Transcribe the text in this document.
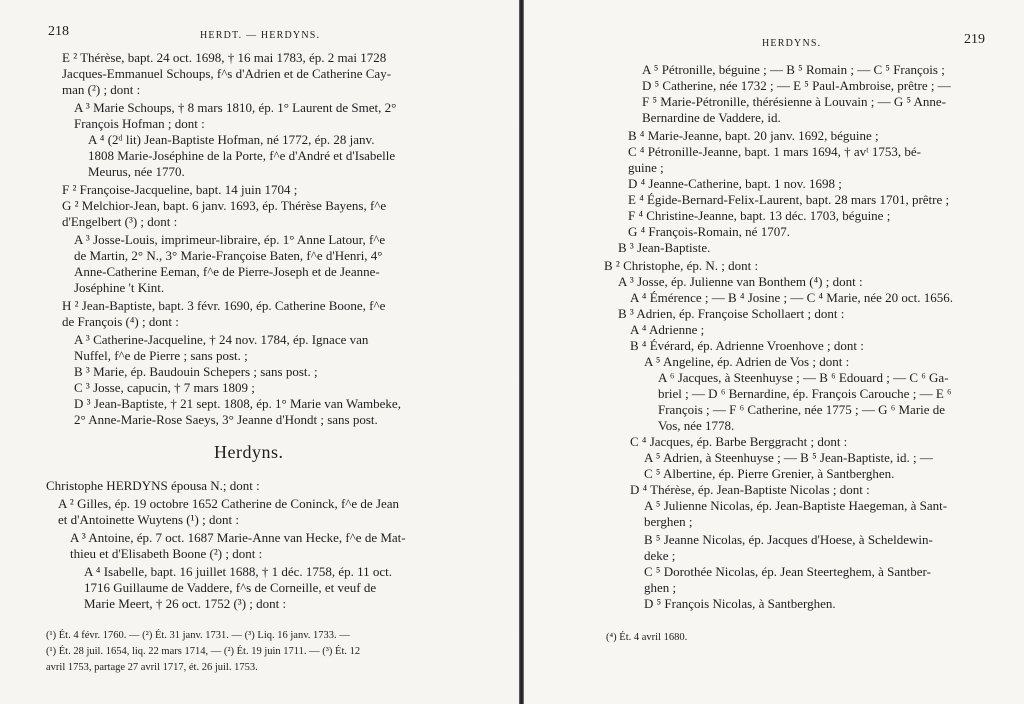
218	HERDT. — HERDYNS.
E ² Thérèse, bapt. 24 oct. 1698, † 16 mai 1783, ép. 2 mai 1728
Jacques-Emmanuel Schoups, f^s d'Adrien et de Catherine Cay-
man (²) ; dont :
A ³ Marie Schoups, † 8 mars 1810, ép. 1° Laurent de Smet, 2°
François Hofman ; dont :
A ⁴ (2ᵈ lit) Jean-Baptiste Hofman, né 1772, ép. 28 janv.
1808 Marie-Joséphine de la Porte, f^e d'André et d'Isabelle
Meurus, née 1770.
F ² Françoise-Jacqueline, bapt. 14 juin 1704 ;
G ² Melchior-Jean, bapt. 6 janv. 1693, ép. Thérèse Bayens, f^e
d'Engelbert (³) ; dont :
A ³ Josse-Louis, imprimeur-libraire, ép. 1° Anne Latour, f^e
de Martin, 2° N., 3° Marie-Françoise Baten, f^e d'Henri, 4°
Anne-Catherine Eeman, f^e de Pierre-Joseph et de Jeanne-
Joséphine 't Kint.
H ² Jean-Baptiste, bapt. 3 févr. 1690, ép. Catherine Boone, f^e
de François (⁴) ; dont :
A ³ Catherine-Jacqueline, † 24 nov. 1784, ép. Ignace van
Nuffel, f^e de Pierre ; sans post. ;
B ³ Marie, ép. Baudouin Schepers ; sans post. ;
C ³ Josse, capucin, † 7 mars 1809 ;
D ³ Jean-Baptiste, † 21 sept. 1808, ép. 1° Marie van Wambeke,
2° Anne-Marie-Rose Saeys, 3° Jeanne d'Hondt ; sans post.
Herdyns.
Christophe HERDYNS épousa N.; dont :
A ² Gilles, ép. 19 octobre 1652 Catherine de Coninck, f^e de Jean
et d'Antoinette Wuytens (¹) ; dont :
A ³ Antoine, ép. 7 oct. 1687 Marie-Anne van Hecke, f^e de Mat-
thieu et d'Elisabeth Boone (²) ; dont :
A ⁴ Isabelle, bapt. 16 juillet 1688, † 1 déc. 1758, ép. 11 oct.
1716 Guillaume de Vaddere, f^s de Corneille, et veuf de
Marie Meert, † 26 oct. 1752 (³) ; dont :
(¹) Ét. 4 févr. 1760. — (²) Ét. 31 janv. 1731. — (³) Liq. 16 janv. 1733. —
(¹) Ét. 28 juil. 1654, liq. 22 mars 1714, — (²) Ét. 19 juin 1711. — (³) Ét. 12
avril 1753, partage 27 avril 1717, ét. 26 juil. 1753.
HERDYNS.	219
A ⁵ Pétronille, béguine ; — B ⁵ Romain ; — C ⁵ François ;
D ⁵ Catherine, née 1732 ; — E ⁵ Paul-Ambroise, prêtre ; —
F ⁵ Marie-Pétronille, thérésienne à Louvain ; — G ⁵ Anne-
Bernardine de Vaddere, id.
B ⁴ Marie-Jeanne, bapt. 20 janv. 1692, béguine ;
C ⁴ Pétronille-Jeanne, bapt. 1 mars 1694, † avᵗ 1753, bé-
guine ;
D ⁴ Jeanne-Catherine, bapt. 1 nov. 1698 ;
E ⁴ Égide-Bernard-Felix-Laurent, bapt. 28 mars 1701, prêtre ;
F ⁴ Christine-Jeanne, bapt. 13 déc. 1703, béguine ;
G ⁴ François-Romain, né 1707.
B ³ Jean-Baptiste.
B ² Christophe, ép. N. ; dont :
A ³ Josse, ép. Julienne van Bonthem (⁴) ; dont :
A ⁴ Émérence ; — B ⁴ Josine ; — C ⁴ Marie, née 20 oct. 1656.
B ³ Adrien, ép. Françoise Schollaert ; dont :
A ⁴ Adrienne ;
B ⁴ Évérard, ép. Adrienne Vroenhove ; dont :
A ⁵ Angeline, ép. Adrien de Vos ; dont :
A ⁶ Jacques, à Steenhuyse ; — B ⁶ Edouard ; — C ⁶ Ga-
briel ; — D ⁶ Bernardine, ép. François Carouche ; — E ⁶
François ; — F ⁶ Catherine, née 1775 ; — G ⁶ Marie de
Vos, née 1778.
C ⁴ Jacques, ép. Barbe Berggracht ; dont :
A ⁵ Adrien, à Steenhuyse ; — B ⁵ Jean-Baptiste, id. ; —
C ⁵ Albertine, ép. Pierre Grenier, à Santberghen.
D ⁴ Thérèse, ép. Jean-Baptiste Nicolas ; dont :
A ⁵ Julienne Nicolas, ép. Jean-Baptiste Haegeman, à Sant-
berghen ;
B ⁵ Jeanne Nicolas, ép. Jacques d'Hoese, à Scheldewin-
deke ;
C ⁵ Dorothée Nicolas, ép. Jean Steerteghem, à Santber-
ghen ;
D ⁵ François Nicolas, à Santberghen.
(⁴) Ét. 4 avril 1680.
